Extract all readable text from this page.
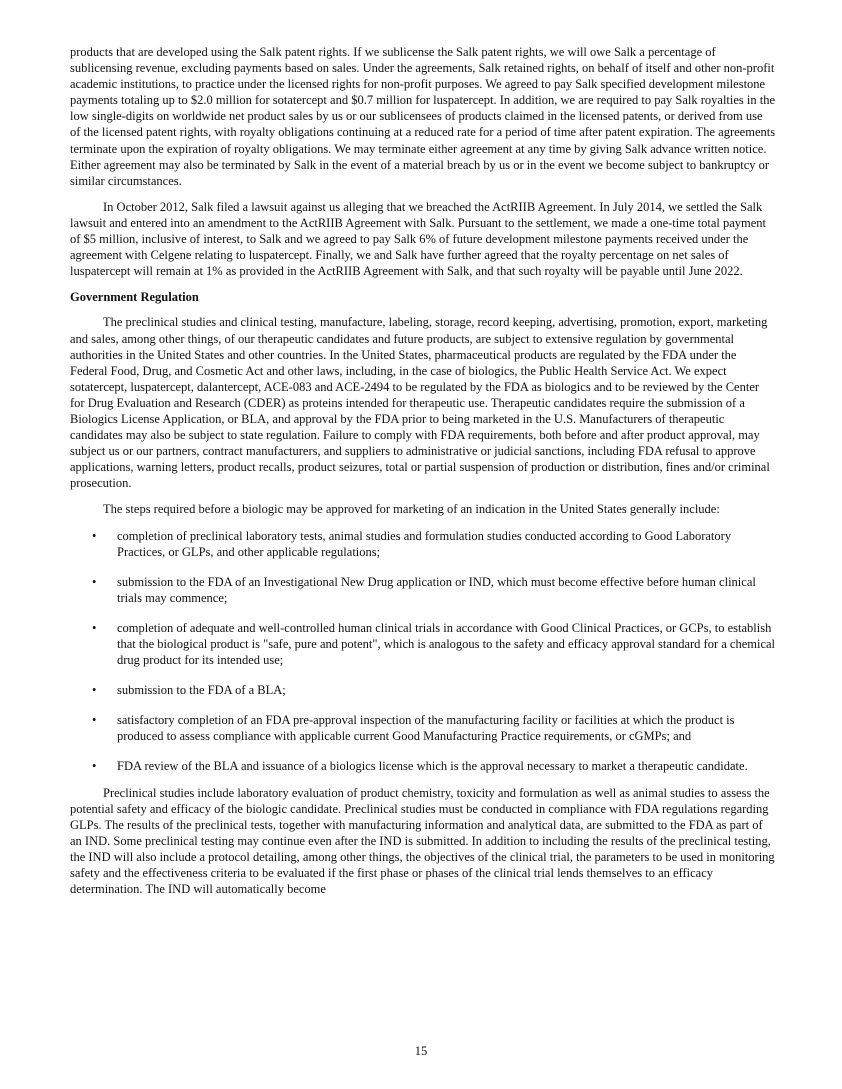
products that are developed using the Salk patent rights. If we sublicense the Salk patent rights, we will owe Salk a percentage of sublicensing revenue, excluding payments based on sales. Under the agreements, Salk retained rights, on behalf of itself and other non-profit academic institutions, to practice under the licensed rights for non-profit purposes. We agreed to pay Salk specified development milestone payments totaling up to $2.0 million for sotatercept and $0.7 million for luspatercept. In addition, we are required to pay Salk royalties in the low single-digits on worldwide net product sales by us or our sublicensees of products claimed in the licensed patents, or derived from use of the licensed patent rights, with royalty obligations continuing at a reduced rate for a period of time after patent expiration. The agreements terminate upon the expiration of royalty obligations. We may terminate either agreement at any time by giving Salk advance written notice. Either agreement may also be terminated by Salk in the event of a material breach by us or in the event we become subject to bankruptcy or similar circumstances.

In October 2012, Salk filed a lawsuit against us alleging that we breached the ActRIIB Agreement. In July 2014, we settled the Salk lawsuit and entered into an amendment to the ActRIIB Agreement with Salk. Pursuant to the settlement, we made a one-time total payment of $5 million, inclusive of interest, to Salk and we agreed to pay Salk 6% of future development milestone payments received under the agreement with Celgene relating to luspatercept. Finally, we and Salk have further agreed that the royalty percentage on net sales of luspatercept will remain at 1% as provided in the ActRIIB Agreement with Salk, and that such royalty will be payable until June 2022.

Government Regulation

The preclinical studies and clinical testing, manufacture, labeling, storage, record keeping, advertising, promotion, export, marketing and sales, among other things, of our therapeutic candidates and future products, are subject to extensive regulation by governmental authorities in the United States and other countries. In the United States, pharmaceutical products are regulated by the FDA under the Federal Food, Drug, and Cosmetic Act and other laws, including, in the case of biologics, the Public Health Service Act. We expect sotatercept, luspatercept, dalantercept, ACE-083 and ACE-2494 to be regulated by the FDA as biologics and to be reviewed by the Center for Drug Evaluation and Research (CDER) as proteins intended for therapeutic use. Therapeutic candidates require the submission of a Biologics License Application, or BLA, and approval by the FDA prior to being marketed in the U.S. Manufacturers of therapeutic candidates may also be subject to state regulation. Failure to comply with FDA requirements, both before and after product approval, may subject us or our partners, contract manufacturers, and suppliers to administrative or judicial sanctions, including FDA refusal to approve applications, warning letters, product recalls, product seizures, total or partial suspension of production or distribution, fines and/or criminal prosecution.

The steps required before a biologic may be approved for marketing of an indication in the United States generally include:

• completion of preclinical laboratory tests, animal studies and formulation studies conducted according to Good Laboratory Practices, or GLPs, and other applicable regulations;
• submission to the FDA of an Investigational New Drug application or IND, which must become effective before human clinical trials may commence;
• completion of adequate and well-controlled human clinical trials in accordance with Good Clinical Practices, or GCPs, to establish that the biological product is "safe, pure and potent", which is analogous to the safety and efficacy approval standard for a chemical drug product for its intended use;
• submission to the FDA of a BLA;
• satisfactory completion of an FDA pre-approval inspection of the manufacturing facility or facilities at which the product is produced to assess compliance with applicable current Good Manufacturing Practice requirements, or cGMPs; and
• FDA review of the BLA and issuance of a biologics license which is the approval necessary to market a therapeutic candidate.

Preclinical studies include laboratory evaluation of product chemistry, toxicity and formulation as well as animal studies to assess the potential safety and efficacy of the biologic candidate. Preclinical studies must be conducted in compliance with FDA regulations regarding GLPs. The results of the preclinical tests, together with manufacturing information and analytical data, are submitted to the FDA as part of an IND. Some preclinical testing may continue even after the IND is submitted. In addition to including the results of the preclinical testing, the IND will also include a protocol detailing, among other things, the objectives of the clinical trial, the parameters to be used in monitoring safety and the effectiveness criteria to be evaluated if the first phase or phases of the clinical trial lends themselves to an efficacy determination. The IND will automatically become

15
